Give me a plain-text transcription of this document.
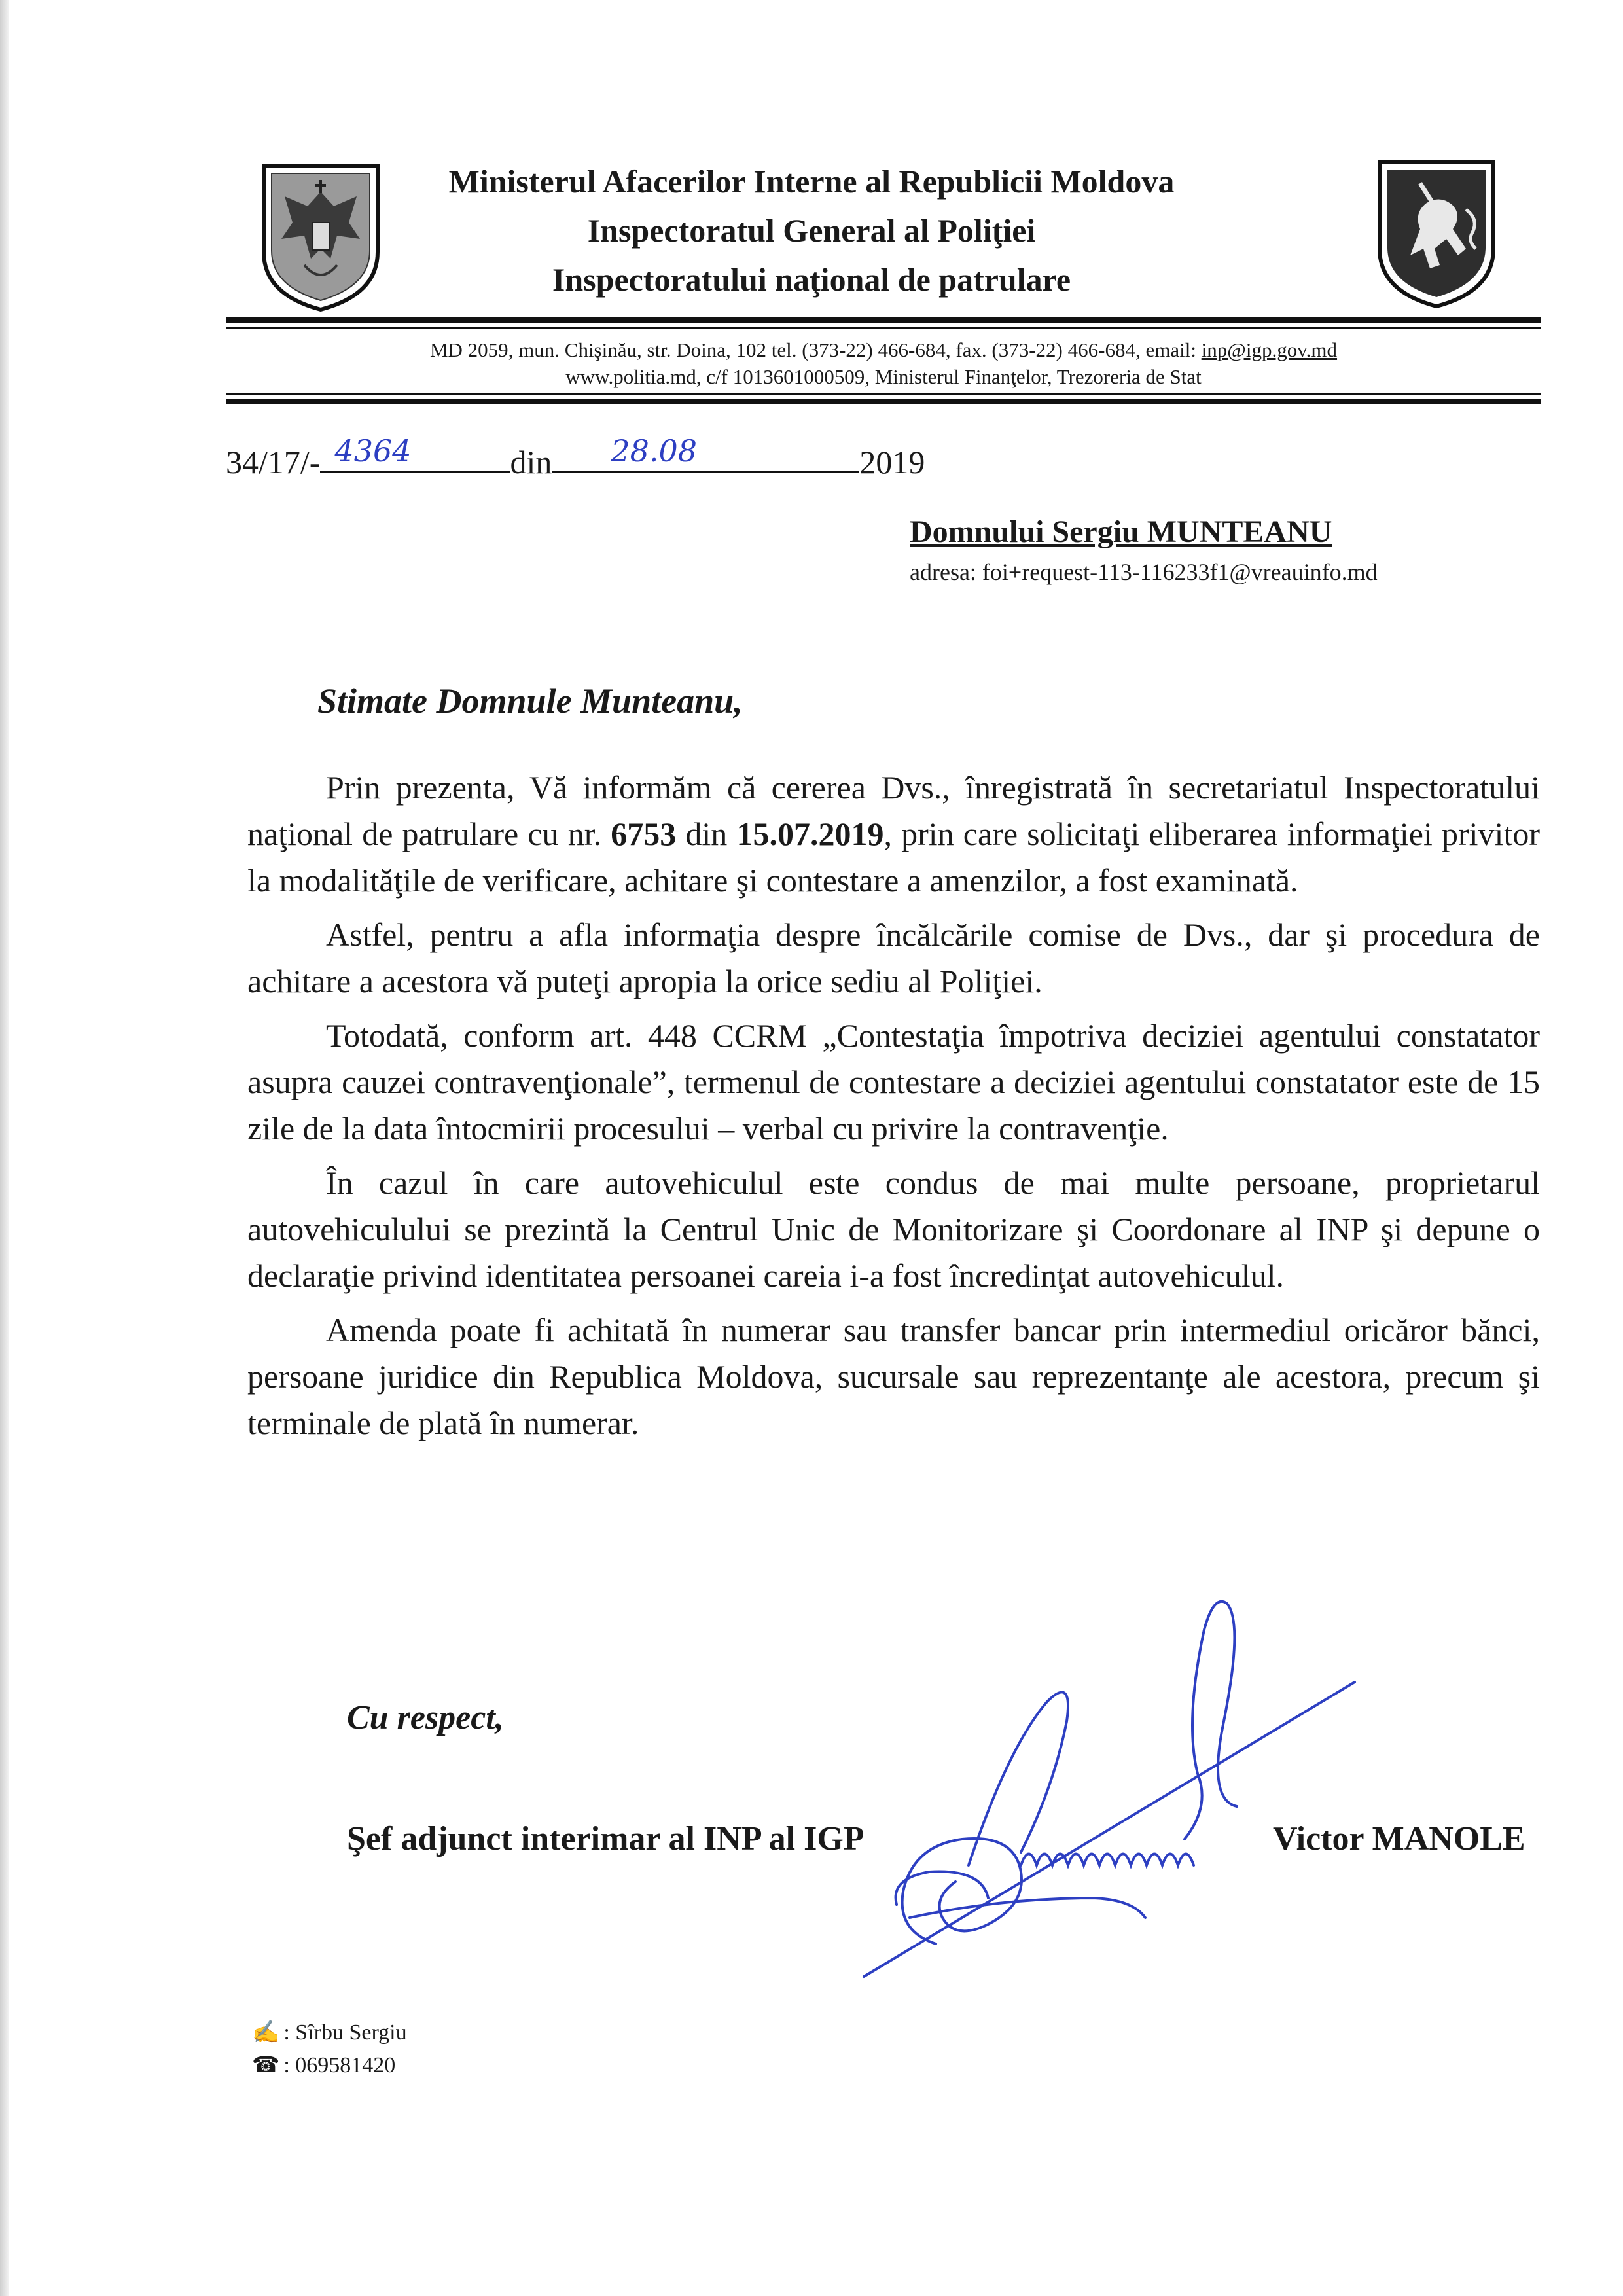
Ministerul Afacerilor Interne al Republicii Moldova
Inspectoratul General al Poliţiei
Inspectoratului naţional de patrulare
MD 2059, mun. Chişinău, str. Doina, 102 tel. (373-22) 466-684, fax. (373-22) 466-684, email: inp@igp.gov.md
www.politia.md, c/f 1013601000509, Ministerul Finanţelor, Trezoreria de Stat
34/17/- 4364	din 28.08	2019
Domnului Sergiu MUNTEANU
adresa: foi+request-113-116233f1@vreauinfo.md
Stimate Domnule Munteanu,

Prin prezenta, Vă informăm că cererea Dvs., înregistrată în secretariatul Inspectoratului naţional de patrulare cu nr. 6753 din 15.07.2019, prin care solicitaţi eliberarea informaţiei privitor la modalităţile de verificare, achitare şi contestare a amenzilor, a fost examinată.

Astfel, pentru a afla informaţia despre încălcările comise de Dvs., dar şi procedura de achitare a acestora vă puteţi apropia la orice sediu al Poliţiei.

Totodată, conform art. 448 CCRM „Contestaţia împotriva deciziei agentului constatator asupra cauzei contravenţionale”, termenul de contestare a deciziei agentului constatator este de 15 zile de la data întocmirii procesului – verbal cu privire la contravenţie.

În cazul în care autovehiculul este condus de mai multe persoane, proprietarul autovehiculului se prezintă la Centrul Unic de Monitorizare şi Coordonare al INP şi depune o declaraţie privind identitatea persoanei careia i-a fost încredinţat autovehiculul.

Amenda poate fi achitată în numerar sau transfer bancar prin intermediul oricăror bănci, persoane juridice din Republica Moldova, sucursale sau reprezentanţe ale acestora, precum şi terminale de plată în numerar.

Cu respect,
Şef adjunct interimar al INP al IGP	Victor MANOLE
✍ : Sîrbu Sergiu
☎ : 069581420
